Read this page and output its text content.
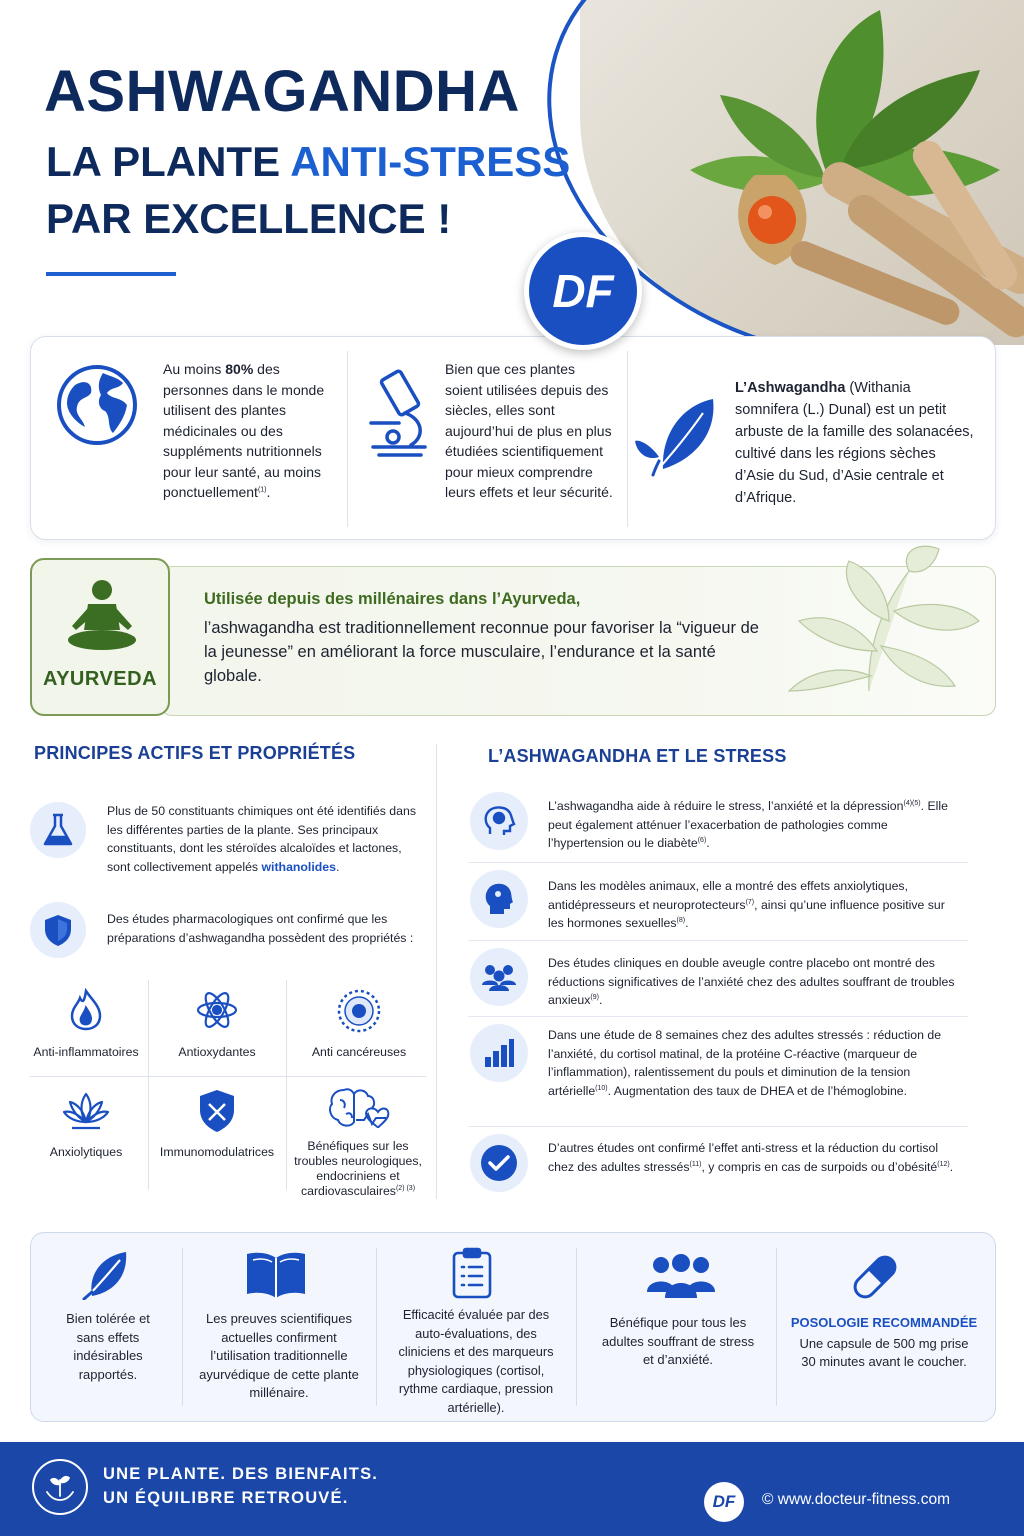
ASHWAGANDHA
LA PLANTE ANTI-STRESS
PAR EXCELLENCE !
DF
Au moins 80% des personnes dans le monde utilisent des plantes médicinales ou des suppléments nutritionnels pour leur santé, au moins ponctuellement$^{(1)}$.
Bien que ces plantes soient utilisées depuis des siècles, elles sont aujourd’hui de plus en plus étudiées scientifiquement pour mieux comprendre leurs effets et leur sécurité.
L’Ashwagandha (Withania somnifera (L.) Dunal) est un petit arbuste de la famille des solanacées, cultivé dans les régions sèches d’Asie du Sud, d’Asie centrale et d’Afrique.
AYURVEDA
Utilisée depuis des millénaires dans l’Ayurveda,
l’ashwagandha est traditionnellement reconnue pour favoriser la “vigueur de la jeunesse” en améliorant la force musculaire, l’endurance et la santé globale.
PRINCIPES ACTIFS ET PROPRIÉTÉS
Plus de 50 constituants chimiques ont été identifiés dans les différentes parties de la plante. Ses principaux constituants, dont les stéroïdes alcaloïdes et lactones, sont collectivement appelés withanolides.
Des études pharmacologiques ont confirmé que les préparations d’ashwagandha possèdent des propriétés :
Anti-inflammatoires	Antioxydantes	Anti cancéreuses
Anxiolytiques	Immunomodulatrices	Bénéfiques sur les troubles neurologiques, endocriniens et cardiovasculaires$^{(2) (3)}$
L’ASHWAGANDHA ET LE STRESS
L’ashwagandha aide à réduire le stress, l’anxiété et la dépression$^{(4)(5)}$. Elle peut également atténuer l’exacerbation de pathologies comme l’hypertension ou le diabète$^{(6)}$.
Dans les modèles animaux, elle a montré des effets anxiolytiques, antidépresseurs et neuroprotecteurs$^{(7)}$, ainsi qu’une influence positive sur les hormones sexuelles$^{(8)}$.
Des études cliniques en double aveugle contre placebo ont montré des réductions significatives de l’anxiété chez des adultes souffrant de troubles anxieux$^{(9)}$.
Dans une étude de 8 semaines chez des adultes stressés : réduction de l’anxiété, du cortisol matinal, de la protéine C-réactive (marqueur de l’inflammation), ralentissement du pouls et diminution de la tension artérielle$^{(10)}$. Augmentation des taux de DHEA et de l’hémoglobine.
D’autres études ont confirmé l’effet anti-stress et la réduction du cortisol chez des adultes stressés$^{(11)}$, y compris en cas de surpoids ou d’obésité$^{(12)}$.
Bien tolérée et sans effets indésirables rapportés.
Les preuves scientifiques actuelles confirment l’utilisation traditionnelle ayurvédique de cette plante millénaire.
Efficacité évaluée par des auto-évaluations, des cliniciens et des marqueurs physiologiques (cortisol, rythme cardiaque, pression artérielle).
Bénéfique pour tous les adultes souffrant de stress et d’anxiété.
POSOLOGIE RECOMMANDÉE
Une capsule de 500 mg prise 30 minutes avant le coucher.
UNE PLANTE. DES BIENFAITS.
UN ÉQUILIBRE RETROUVÉ.	DF	© www.docteur-fitness.com
